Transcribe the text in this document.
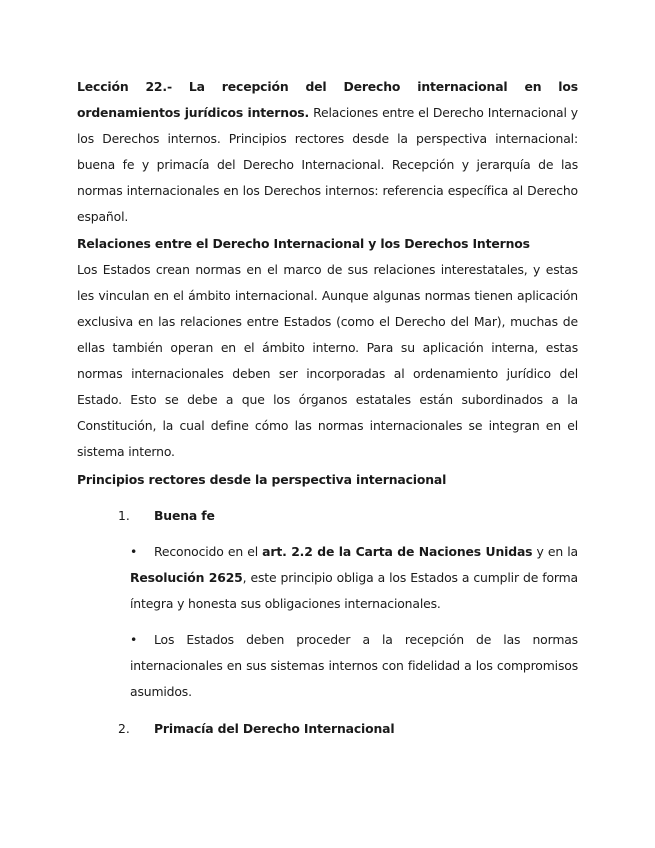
Lección 22.- La recepción del Derecho internacional en los ordenamientos jurídicos internos. Relaciones entre el Derecho Internacional y los Derechos internos. Principios rectores desde la perspectiva internacional: buena fe y primacía del Derecho Internacional. Recepción y jerarquía de las normas internacionales en los Derechos internos: referencia específica al Derecho español.

Relaciones entre el Derecho Internacional y los Derechos Internos

Los Estados crean normas en el marco de sus relaciones interestatales, y estas les vinculan en el ámbito internacional. Aunque algunas normas tienen aplicación exclusiva en las relaciones entre Estados (como el Derecho del Mar), muchas de ellas también operan en el ámbito interno. Para su aplicación interna, estas normas internacionales deben ser incorporadas al ordenamiento jurídico del Estado. Esto se debe a que los órganos estatales están subordinados a la Constitución, la cual define cómo las normas internacionales se integran en el sistema interno.

Principios rectores desde la perspectiva internacional
1. Buena fe

• Reconocido en el art. 2.2 de la Carta de Naciones Unidas y en la Resolución 2625, este principio obliga a los Estados a cumplir de forma íntegra y honesta sus obligaciones internacionales.

• Los Estados deben proceder a la recepción de las normas internacionales en sus sistemas internos con fidelidad a los compromisos asumidos.

2. Primacía del Derecho Internacional
